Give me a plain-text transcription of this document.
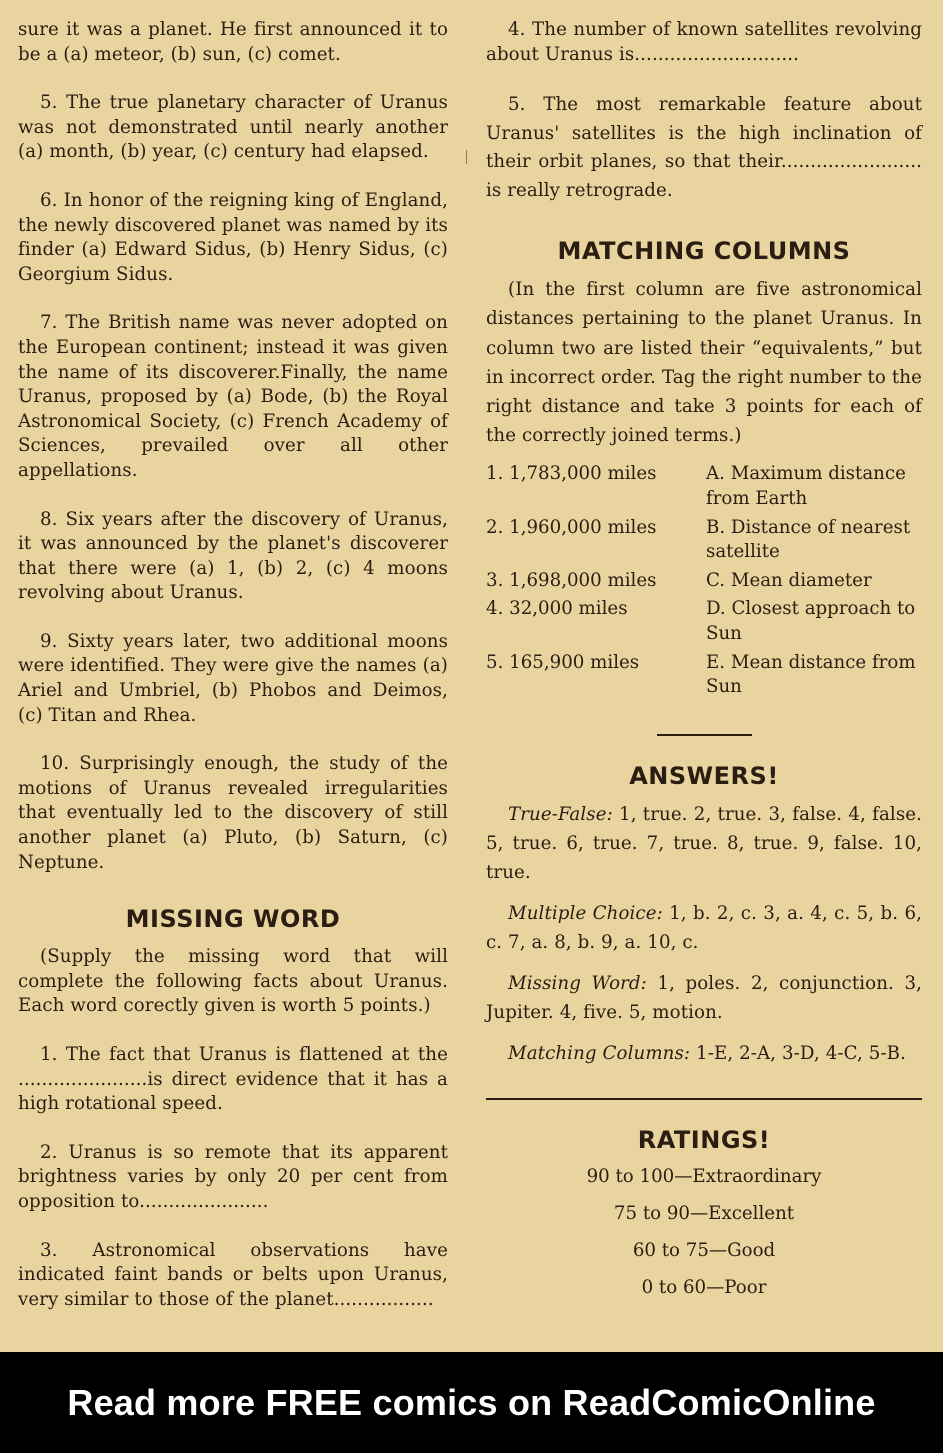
sure it was a planet. He first announced it to be a (a) meteor, (b) sun, (c) comet.

5. The true planetary character of Uranus was not demonstrated until nearly another (a) month, (b) year, (c) century had elapsed.

6. In honor of the reigning king of England, the newly discovered planet was named by its finder (a) Edward Sidus, (b) Henry Sidus, (c) Georgium Sidus.

7. The British name was never adopted on the European continent; instead it was given the name of its discoverer.Finally, the name Uranus, proposed by (a) Bode, (b) the Royal Astronomical Society, (c) French Academy of Sciences, prevailed over all other appellations.

8. Six years after the discovery of Uranus, it was announced by the planet's discoverer that there were (a) 1, (b) 2, (c) 4 moons revolving about Uranus.

9. Sixty years later, two additional moons were identified. They were give the names (a) Ariel and Umbriel, (b) Phobos and Deimos, (c) Titan and Rhea.

10. Surprisingly enough, the study of the motions of Uranus revealed irregularities that eventually led to the discovery of still another planet (a) Pluto, (b) Saturn, (c) Neptune.

MISSING WORD

(Supply the missing word that will complete the following facts about Uranus. Each word corectly given is worth 5 points.)

1. The fact that Uranus is flattened at the ......................is direct evidence that it has a high rotational speed.

2. Uranus is so remote that its apparent brightness varies by only 20 per cent from opposition to......................

3. Astronomical observations have indicated faint bands or belts upon Uranus, very similar to those of the planet.................

4. The number of known satellites revolving about Uranus is............................

5. The most remarkable feature about Uranus' satellites is the high inclination of their orbit planes, so that their........................ is really retrograde.

MATCHING COLUMNS

(In the first column are five astronomical distances pertaining to the planet Uranus. In column two are listed their “equivalents,” but in incorrect order. Tag the right number to the right distance and take 3 points for each of the correctly joined terms.)

1. 1,783,000 miles	A. Maximum distance from Earth
2. 1,960,000 miles	B. Distance of nearest satellite
3. 1,698,000 miles	C. Mean diameter
4. 32,000 miles	D. Closest approach to Sun
5. 165,900 miles	E. Mean distance from Sun
ANSWERS!

True-False: 1, true. 2, true. 3, false. 4, false. 5, true. 6, true. 7, true. 8, true. 9, false. 10, true.

Multiple Choice: 1, b. 2, c. 3, a. 4, c. 5, b. 6, c. 7, a. 8, b. 9, a. 10, c.

Missing Word: 1, poles. 2, conjunction. 3, Jupiter. 4, five. 5, motion.

Matching Columns: 1-E, 2-A, 3-D, 4-C, 5-B.

RATINGS!
90 to 100—Extraordinary
75 to 90—Excellent
60 to 75—Good
0 to 60—Poor
Read more FREE comics on ReadComicOnline
